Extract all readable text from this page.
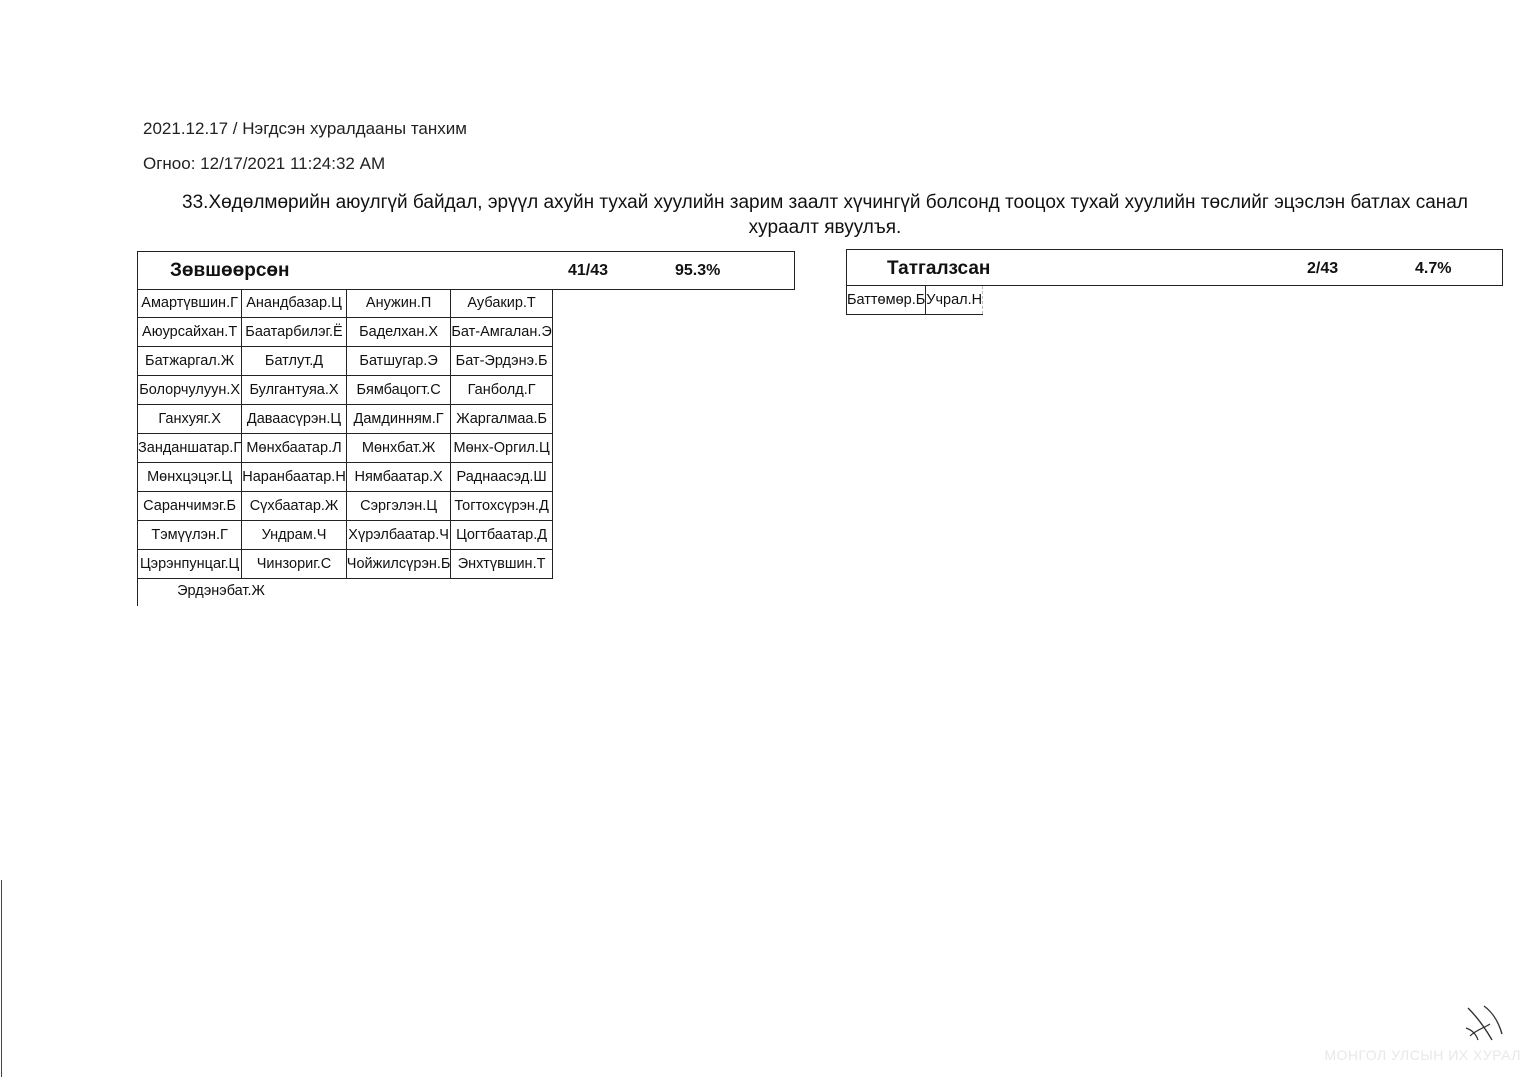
2021.12.17 / Нэгдсэн хуралдааны танхим
Огноо: 12/17/2021 11:24:32 AM
33.Хөдөлмөрийн аюулгүй байдал, эрүүл ахуйн тухай хуулийн зарим заалт хүчингүй болсонд тооцох тухай хуулийн төслийг эцэслэн батлах санал хураалт явуулъя.
Зөвшөөрсөн	41/43	95.3%
Амартүвшин.Г	Анандбазар.Ц	Анужин.П	Аубакир.Т
Аюурсайхан.Т	Баатарбилэг.Ё	Баделхан.Х	Бат-Амгалан.Э
Батжаргал.Ж	Батлут.Д	Батшугар.Э	Бат-Эрдэнэ.Б
Болорчулуун.Х	Булгантуяа.Х	Бямбацогт.С	Ганболд.Г
Ганхуяг.Х	Даваасүрэн.Ц	Дамдинням.Г	Жаргалмаа.Б
Занданшатар.Г	Мөнхбаатар.Л	Мөнхбат.Ж	Мөнх-Оргил.Ц
Мөнхцэцэг.Ц	Наранбаатар.Н	Нямбаатар.Х	Раднаасэд.Ш
Саранчимэг.Б	Сүхбаатар.Ж	Сэргэлэн.Ц	Тогтохсүрэн.Д
Тэмүүлэн.Г	Ундрам.Ч	Хүрэлбаатар.Ч	Цогтбаатар.Д
Цэрэнпунцаг.Ц	Чинзориг.С	Чойжилсүрэн.Б	Энхтүвшин.Т
Эрдэнэбат.Ж
Татгалзсан	2/43	4.7%
Баттөмөр.Б	Учрал.Н
МОНГОЛ УЛСЫН ИХ ХУРАЛ
